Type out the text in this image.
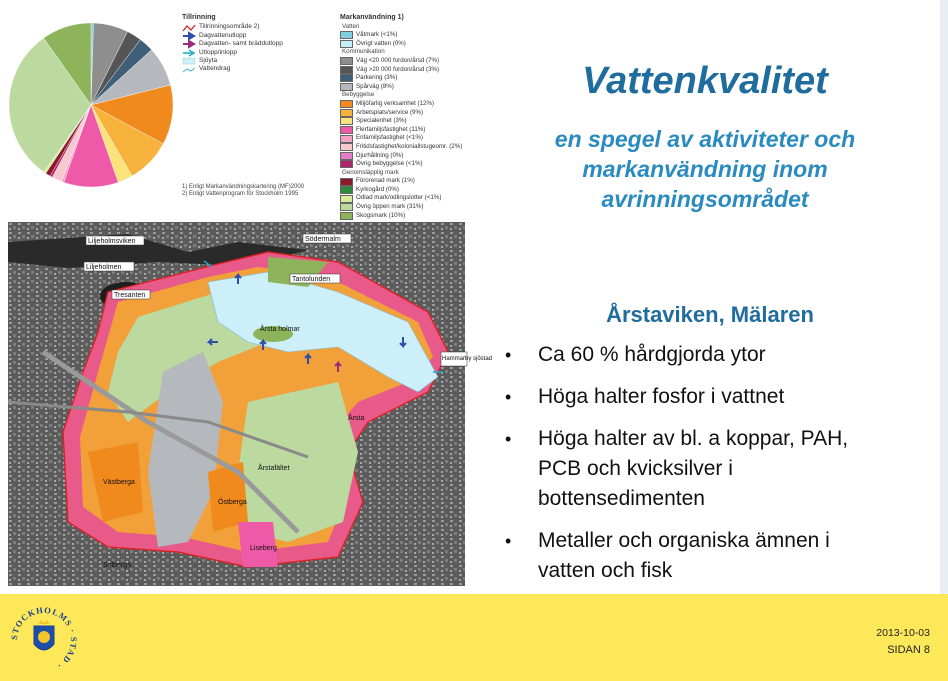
Tillrinning
Tillrinningsområde 2)
Dagvattenutlopp
Dagvatten- samt bräddutlopp
Utlopp/inlopp
Sjöyta
Vattendrag
Markanvändning 1)
Vatten
Våtmark (<1%)
Övrigt vatten (0%)
Kommunikation
Väg <20 000 fordon/årsd (7%)
Väg >20 000 fordon/årsd (3%)
Parkering (3%)
Spårväg (8%)
Bebyggelse
Miljöfarlig verksamhet (12%)
Arbetsplats/service (9%)
Specialenhet (3%)
Flerfamiljsfastighet (11%)
Enfamiljsfastighet (<1%)
Fritidsfastighet/koloniallstugeomr. (2%)
Djurhållning (0%)
Övrig bebyggelse (<1%)
Genomsläpplig mark
Förorenad mark (1%)
Kyrkogård (0%)
Odlad mark/odlingslotter (<1%)
Övrig öppen mark (31%)
Skogsmark (10%)
1) Enligt Markanvändningskartering (MF)2000
2) Enligt Vattenprogram för Stockholm 1995
Liljeholmsviken
Liljeholmen
Tresanten
Södermalm
Tantolunden
Årsta holmar
Hammarby sjöstad
Årsta
Årstafältet
Västberga
Östberga
Liseberg
Solberga
Vattenkvalitet
en spegel av aktiviteter och
markanvändning inom
avrinningsområdet
Årstaviken, Mälaren
• Ca 60 % hårdgjorda ytor
• Höga halter fosfor i vattnet
• Höga halter av bl. a koppar, PAH,
PCB och kvicksilver i
bottensedimenten
• Metaller och organiska ämnen i
vatten och fisk
STOCKHOLMS · STAD ·
2013-10-03
SIDAN 8
